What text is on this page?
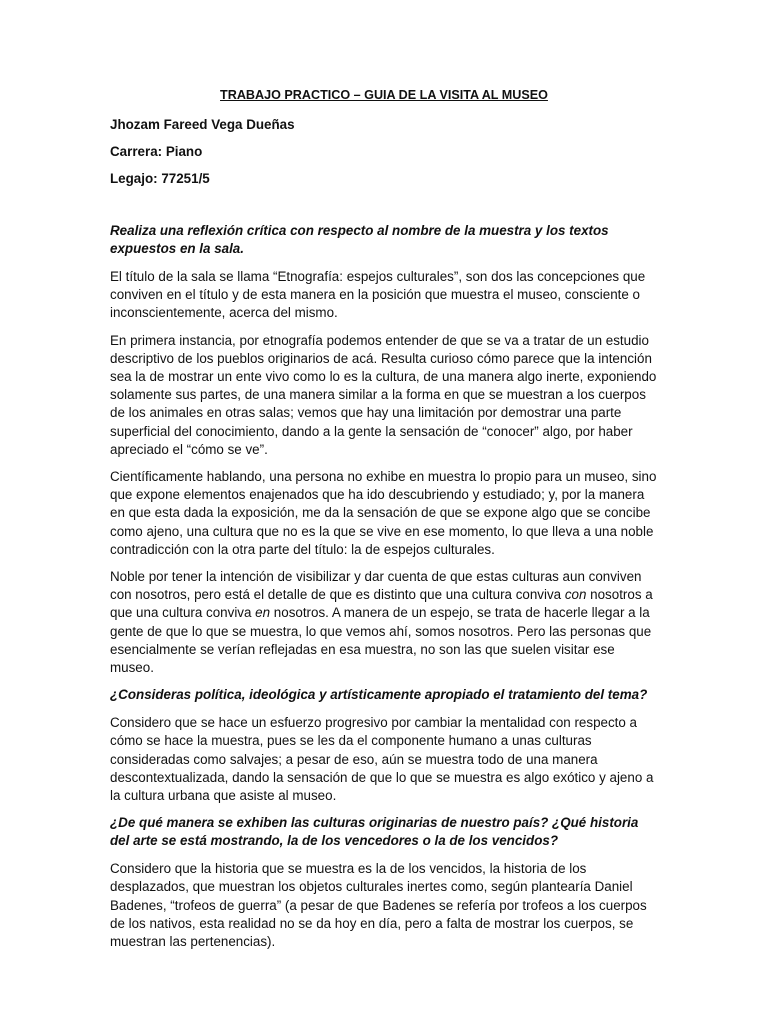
TRABAJO PRACTICO – GUIA DE LA VISITA AL MUSEO
Jhozam Fareed Vega Dueñas
Carrera: Piano
Legajo: 77251/5
Realiza una reflexión crítica con respecto al nombre de la muestra y los textos expuestos en la sala.
El título de la sala se llama “Etnografía: espejos culturales”, son dos las concepciones que conviven en el título y de esta manera en la posición que muestra el museo, consciente o inconscientemente, acerca del mismo.
En primera instancia, por etnografía podemos entender de que se va a tratar de un estudio descriptivo de los pueblos originarios de acá. Resulta curioso cómo parece que la intención sea la de mostrar un ente vivo como lo es la cultura, de una manera algo inerte, exponiendo solamente sus partes, de una manera similar a la forma en que se muestran a los cuerpos de los animales en otras salas; vemos que hay una limitación por demostrar una parte superficial del conocimiento, dando a la gente la sensación de “conocer” algo, por haber apreciado el “cómo se ve”.
Científicamente hablando, una persona no exhibe en muestra lo propio para un museo, sino que expone elementos enajenados que ha ido descubriendo y estudiado; y, por la manera en que esta dada la exposición, me da la sensación de que se expone algo que se concibe como ajeno, una cultura que no es la que se vive en ese momento, lo que lleva a una noble contradicción con la otra parte del título: la de espejos culturales.
Noble por tener la intención de visibilizar y dar cuenta de que estas culturas aun conviven con nosotros, pero está el detalle de que es distinto que una cultura conviva con nosotros a que una cultura conviva en nosotros. A manera de un espejo, se trata de hacerle llegar a la gente de que lo que se muestra, lo que vemos ahí, somos nosotros. Pero las personas que esencialmente se verían reflejadas en esa muestra, no son las que suelen visitar ese museo.
¿Consideras política, ideológica y artísticamente apropiado el tratamiento del tema?
Considero que se hace un esfuerzo progresivo por cambiar la mentalidad con respecto a cómo se hace la muestra, pues se les da el componente humano a unas culturas consideradas como salvajes; a pesar de eso, aún se muestra todo de una manera descontextualizada, dando la sensación de que lo que se muestra es algo exótico y ajeno a la cultura urbana que asiste al museo.
¿De qué manera se exhiben las culturas originarias de nuestro país? ¿Qué historia del arte se está mostrando, la de los vencedores o la de los vencidos?
Considero que la historia que se muestra es la de los vencidos, la historia de los desplazados, que muestran los objetos culturales inertes como, según plantearía Daniel Badenes, “trofeos de guerra” (a pesar de que Badenes se refería por trofeos a los cuerpos de los nativos, esta realidad no se da hoy en día, pero a falta de mostrar los cuerpos, se muestran las pertenencias).
